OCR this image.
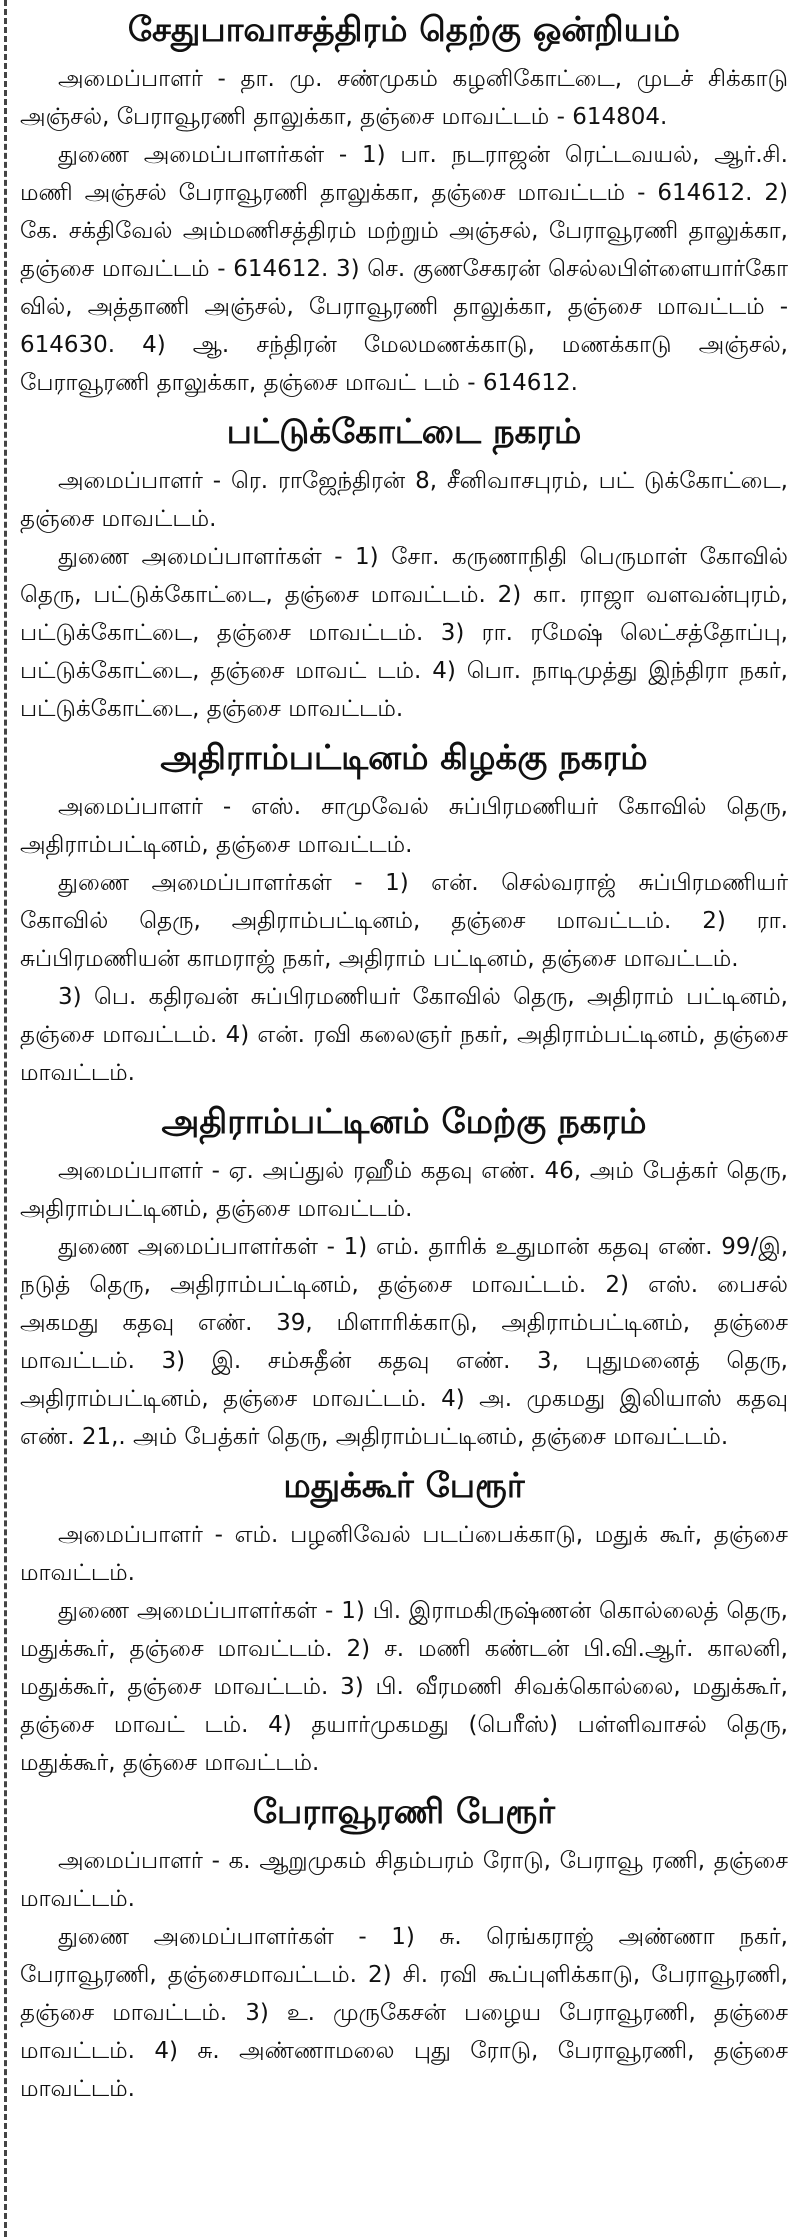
சேதுபாவாசத்திரம் தெற்கு ஒன்றியம்

அமைப்பாளர் - தா. மு. சண்முகம் கழனிகோட்டை, முடச் சிக்காடு அஞ்சல், பேராவூரணி தாலுக்கா, தஞ்சை மாவட்டம் - 614804.

துணை அமைப்பாளர்கள் - 1) பா. நடராஜன் ரெட்டவயல், ஆர்.சி. மணி அஞ்சல் பேராவூரணி தாலுக்கா, தஞ்சை மாவட்டம் - 614612. 2) கே. சக்திவேல் அம்மணிசத்திரம் மற்றும் அஞ்சல், பேராவூரணி தாலுக்கா, தஞ்சை மாவட்டம் - 614612. 3) செ. குணசேகரன் செல்லபிள்ளையார்கோ வில், அத்தாணி அஞ்சல், பேராவூரணி தாலுக்கா, தஞ்சை மாவட்டம் - 614630. 4) ஆ. சந்திரன் மேலமணக்காடு, மணக்காடு அஞ்சல், பேராவூரணி தாலுக்கா, தஞ்சை மாவட் டம் - 614612.

பட்டுக்கோட்டை நகரம்

அமைப்பாளர் - ரெ. ராஜேந்திரன் 8, சீனிவாசபுரம், பட் டுக்கோட்டை, தஞ்சை மாவட்டம்.

துணை அமைப்பாளர்கள் - 1) சோ. கருணாநிதி பெருமாள் கோவில் தெரு, பட்டுக்கோட்டை, தஞ்சை மாவட்டம். 2) கா. ராஜா வளவன்புரம், பட்டுக்கோட்டை, தஞ்சை மாவட்டம். 3) ரா. ரமேஷ் லெட்சத்தோப்பு, பட்டுக்கோட்டை, தஞ்சை மாவட் டம். 4) பொ. நாடிமுத்து இந்திரா நகர், பட்டுக்கோட்டை, தஞ்சை மாவட்டம்.

அதிராம்பட்டினம் கிழக்கு நகரம்

அமைப்பாளர் - எஸ். சாமுவேல் சுப்பிரமணியர் கோவில் தெரு, அதிராம்பட்டினம், தஞ்சை மாவட்டம்.

துணை அமைப்பாளர்கள் - 1) என். செல்வராஜ் சுப்பிரமணியர் கோவில் தெரு, அதிராம்பட்டினம், தஞ்சை மாவட்டம். 2) ரா. சுப்பிரமணியன் காமராஜ் நகர், அதிராம் பட்டினம், தஞ்சை மாவட்டம்.

3) பெ. கதிரவன் சுப்பிரமணியர் கோவில் தெரு, அதிராம் பட்டினம், தஞ்சை மாவட்டம். 4) என். ரவி கலைஞர் நகர், அதிராம்பட்டினம், தஞ்சை மாவட்டம்.

அதிராம்பட்டினம் மேற்கு நகரம்

அமைப்பாளர் - ஏ. அப்துல் ரஹீம் கதவு எண். 46, அம் பேத்கர் தெரு, அதிராம்பட்டினம், தஞ்சை மாவட்டம்.

துணை அமைப்பாளர்கள் - 1) எம். தாரிக் உதுமான் கதவு எண். 99/இ, நடுத் தெரு, அதிராம்பட்டினம், தஞ்சை மாவட்டம். 2) எஸ். பைசல் அகமது கதவு எண். 39, மிளாரிக்காடு, அதிராம்பட்டினம், தஞ்சை மாவட்டம். 3) இ. சம்சுதீன் கதவு எண். 3, புதுமனைத் தெரு, அதிராம்பட்டினம், தஞ்சை மாவட்டம். 4) அ. முகமது இலியாஸ் கதவு எண். 21,. அம் பேத்கர் தெரு, அதிராம்பட்டினம், தஞ்சை மாவட்டம்.

மதுக்கூர் பேரூர்

அமைப்பாளர் - எம். பழனிவேல் படப்பைக்காடு, மதுக் கூர், தஞ்சை மாவட்டம்.

துணை அமைப்பாளர்கள் - 1) பி. இராமகிருஷ்ணன் கொல்லைத் தெரு, மதுக்கூர், தஞ்சை மாவட்டம். 2) ச. மணி கண்டன் பி.வி.ஆர். காலனி, மதுக்கூர், தஞ்சை மாவட்டம். 3) பி. வீரமணி சிவக்கொல்லை, மதுக்கூர், தஞ்சை மாவட் டம். 4) தயார்முகமது (பெரீஸ்) பள்ளிவாசல் தெரு, மதுக்கூர், தஞ்சை மாவட்டம்.

பேராவூரணி பேரூர்

அமைப்பாளர் - க. ஆறுமுகம் சிதம்பரம் ரோடு, பேராவூ ரணி, தஞ்சை மாவட்டம்.

துணை அமைப்பாளர்கள் - 1) சு. ரெங்கராஜ் அண்ணா நகர், பேராவூரணி, தஞ்சைமாவட்டம். 2) சி. ரவி கூப்புளிக்காடு, பேராவூரணி, தஞ்சை மாவட்டம். 3) உ. முருகேசன் பழைய பேராவூரணி, தஞ்சை மாவட்டம். 4) சு. அண்ணாமலை புது ரோடு, பேராவூரணி, தஞ்சை மாவட்டம்.
